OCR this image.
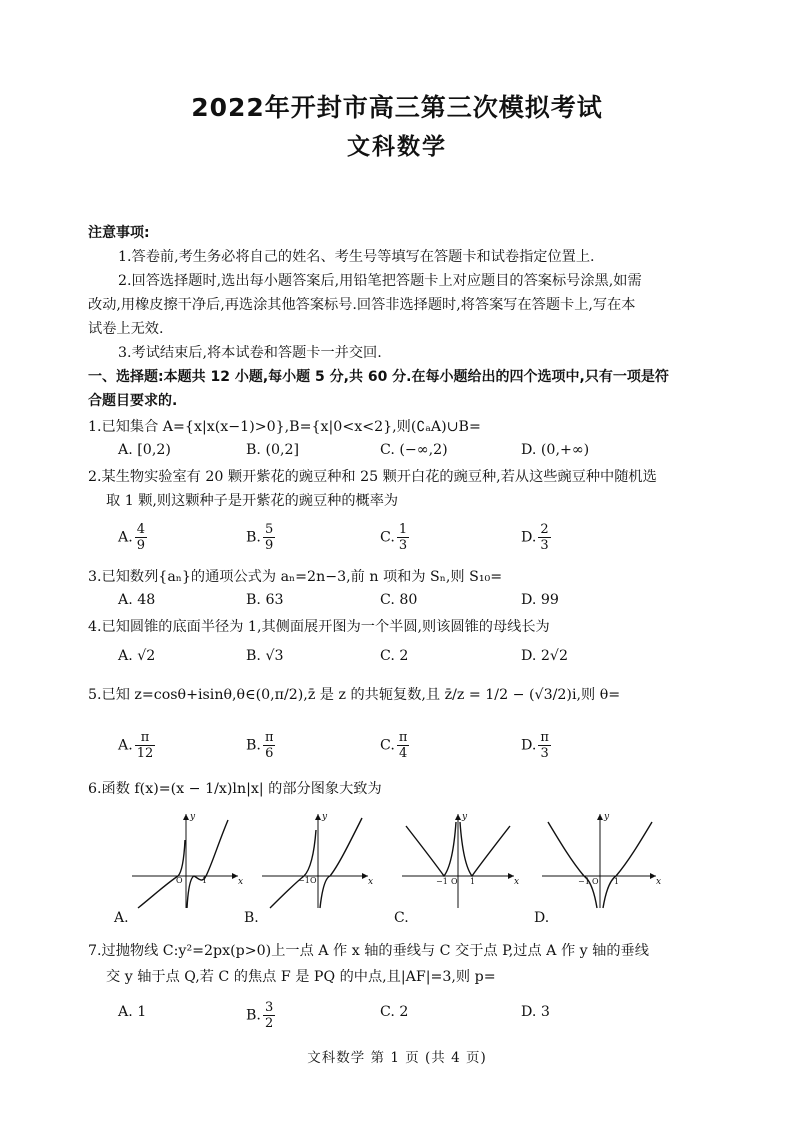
2022年开封市高三第三次模拟考试
文科数学
注意事项:
1.答卷前,考生务必将自己的姓名、考生号等填写在答题卡和试卷指定位置上.
2.回答选择题时,选出每小题答案后,用铅笔把答题卡上对应题目的答案标号涂黑,如需
改动,用橡皮擦干净后,再选涂其他答案标号.回答非选择题时,将答案写在答题卡上,写在本
试卷上无效.
3.考试结束后,将本试卷和答题卡一并交回.
一、选择题:本题共 12 小题,每小题 5 分,共 60 分.在每小题给出的四个选项中,只有一项是符
合题目要求的.
1.已知集合 A={x|x(x−1)>0},B={x|0<x<2},则(∁ₐA)∪B=
A. [0,2)	B. (0,2]	C. (−∞,2)	D. (0,+∞)
2.某生物实验室有 20 颗开紫花的豌豆种和 25 颗开白花的豌豆种,若从这些豌豆种中随机选
取 1 颗,则这颗种子是开紫花的豌豆种的概率为
A. $\frac{4}{9}$	B. $\frac{5}{9}$	C. $\frac{1}{3}$	D. $\frac{2}{3}$
3.已知数列{aₙ}的通项公式为 aₙ=2n−3,前 n 项和为 Sₙ,则 S₁₀=
A. 48	B. 63	C. 80	D. 99
4.已知圆锥的底面半径为 1,其侧面展开图为一个半圆,则该圆锥的母线长为
A. √2	B. √3	C. 2	D. 2√2
5.已知 z=cosθ+isinθ,θ∈(0,π/2),z̄ 是 z 的共轭复数,且 z̄/z = 1/2 − (√3/2)i,则 θ=
A. $\frac{\pi}{12}$	B. $\frac{\pi}{6}$	C. $\frac{\pi}{4}$	D. $\frac{\pi}{3}$
6.函数 f(x)=(x − 1/x)ln|x| 的部分图象大致为
y
x
O 1
A.
y
x
−1 O
B.
y
x
−1 O 1
C.
y
x
−1 O 1
D.
7.过抛物线 C:y²=2px(p>0)上一点 A 作 x 轴的垂线与 C 交于点 P,过点 A 作 y 轴的垂线
交 y 轴于点 Q,若 C 的焦点 F 是 PQ 的中点,且|AF|=3,则 p=
A. 1	B. $\frac{3}{2}$	C. 2	D. 3
文科数学 第 1 页 (共 4 页)
